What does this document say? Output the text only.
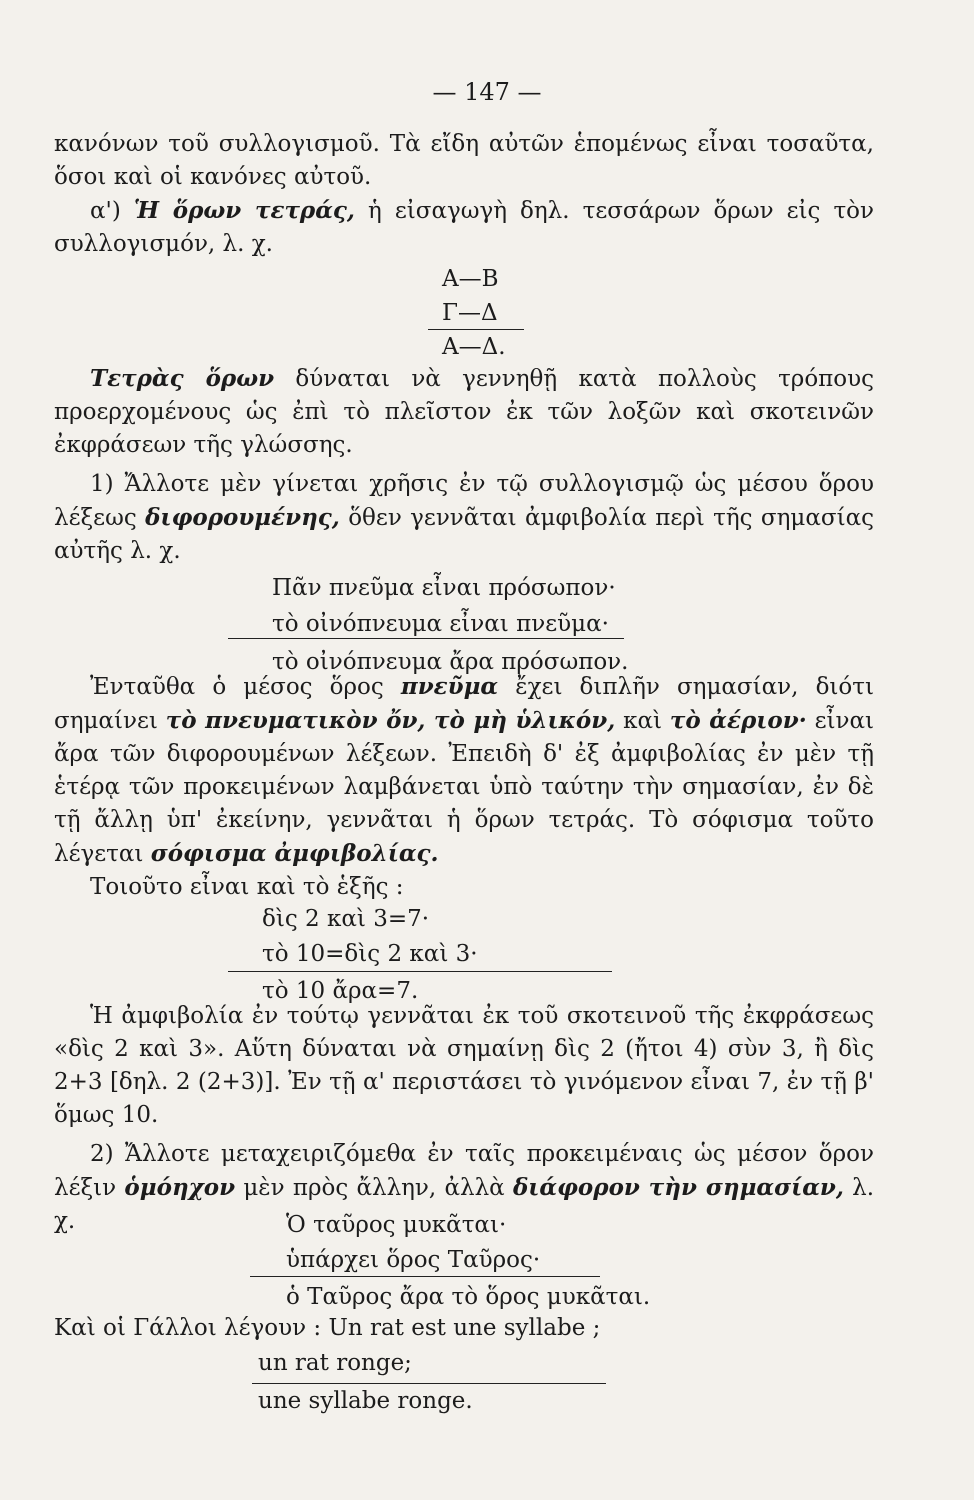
— 147 —

κανόνων τοῦ συλλογισμοῦ. Τὰ εἴδη αὐτῶν ἑπομένως εἶναι τοσαῦτα, ὅσοι καὶ οἱ κανόνες αὐτοῦ.

α') Ἡ ὅρων τετράς, ἡ εἰσαγωγὴ δηλ. τεσσάρων ὅρων εἰς τὸν συλλογισμόν, λ. χ.

Α—Β
Γ—Δ
Α—Δ.

Τετρὰς ὅρων δύναται νὰ γεννηθῇ κατὰ πολλοὺς τρόπους προερχομένους ὡς ἐπὶ τὸ πλεῖστον ἐκ τῶν λοξῶν καὶ σκοτεινῶν ἐκφράσεων τῆς γλώσσης.

1) Ἄλλοτε μὲν γίνεται χρῆσις ἐν τῷ συλλογισμῷ ὡς μέσου ὅρου λέξεως διφορουμένης, ὅθεν γεννᾶται ἀμφιβολία περὶ τῆς σημασίας αὐτῆς λ. χ.

Πᾶν πνεῦμα εἶναι πρόσωπον·
τὸ οἰνόπνευμα εἶναι πνεῦμα·
τὸ οἰνόπνευμα ἄρα πρόσωπον.

Ἐνταῦθα ὁ μέσος ὅρος πνεῦμα ἔχει διπλῆν σημασίαν, διότι σημαίνει τὸ πνευματικὸν ὄν, τὸ μὴ ὑλικόν, καὶ τὸ ἀέριον· εἶναι ἄρα τῶν διφορουμένων λέξεων. Ἐπειδὴ δ' ἐξ ἀμφιβολίας ἐν μὲν τῇ ἑτέρᾳ τῶν προκειμένων λαμβάνεται ὑπὸ ταύτην τὴν σημασίαν, ἐν δὲ τῇ ἄλλῃ ὑπ' ἐκείνην, γεννᾶται ἡ ὅρων τετράς. Τὸ σόφισμα τοῦτο λέγεται σόφισμα ἀμφιβολίας.

Τοιοῦτο εἶναι καὶ τὸ ἑξῆς :

δὶς 2 καὶ 3=7·
τὸ 10=δὶς 2 καὶ 3·
τὸ 10 ἄρα=7.

Ἡ ἀμφιβολία ἐν τούτῳ γεννᾶται ἐκ τοῦ σκοτεινοῦ τῆς ἐκφράσεως «δὶς 2 καὶ 3». Αὕτη δύναται νὰ σημαίνῃ δὶς 2 (ἤτοι 4) σὺν 3, ἢ δὶς 2+3 [δηλ. 2 (2+3)]. Ἐν τῇ α' περιστάσει τὸ γινόμενον εἶναι 7, ἐν τῇ β' ὅμως 10.

2) Ἄλλοτε μεταχειριζόμεθα ἐν ταῖς προκειμέναις ὡς μέσον ὅρον λέξιν ὁμόηχον μὲν πρὸς ἄλλην, ἀλλὰ διάφορον τὴν σημασίαν, λ. χ.	Ὁ ταῦρος μυκᾶται·
ὑπάρχει ὅρος Ταῦρος·
ὁ Ταῦρος ἄρα τὸ ὅρος μυκᾶται.

Καὶ οἱ Γάλλοι λέγουν : Un rat est une syllabe ;

un rat ronge;
une syllabe ronge.
